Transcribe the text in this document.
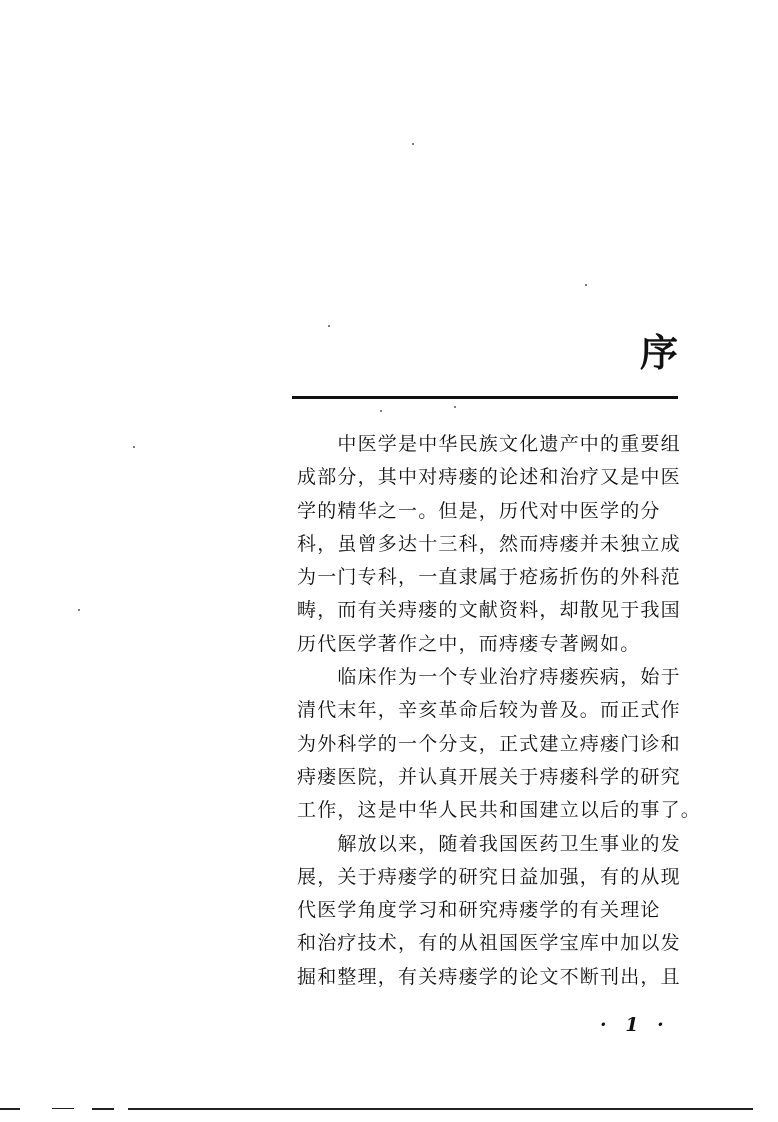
序
　　中医学是中华民族文化遗产中的重要组
成部分，其中对痔瘘的论述和治疗又是中医
学的精华之一。但是，历代对中医学的分
科，虽曾多达十三科，然而痔瘘并未独立成
为一门专科，一直隶属于疮疡折伤的外科范
畴，而有关痔瘘的文献资料，却散见于我国
历代医学著作之中，而痔瘘专著阙如。
　　临床作为一个专业治疗痔瘘疾病，始于
清代末年，辛亥革命后较为普及。而正式作
为外科学的一个分支，正式建立痔瘘门诊和
痔瘘医院，并认真开展关于痔瘘科学的研究
工作，这是中华人民共和国建立以后的事了。
　　解放以来，随着我国医药卫生事业的发
展，关于痔瘘学的研究日益加强，有的从现
代医学角度学习和研究痔瘘学的有关理论
和治疗技术，有的从祖国医学宝库中加以发
掘和整理，有关痔瘘学的论文不断刊出，且
· 1 ·
